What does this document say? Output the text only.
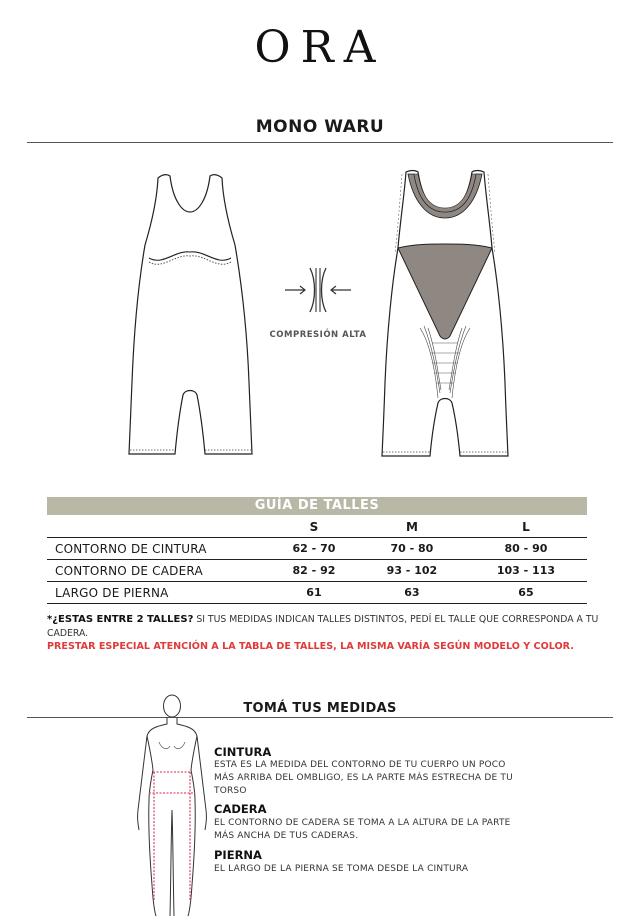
ORA
MONO WARU
COMPRESIÓN ALTA
GUÍA DE TALLES
	S	M	L
CONTORNO DE CINTURA	62 - 70	70 - 80	80 - 90
CONTORNO DE CADERA	82 - 92	93 - 102	103 - 113
LARGO DE PIERNA	61	63	65
*¿ESTAS ENTRE 2 TALLES? SI TUS MEDIDAS INDICAN TALLES DISTINTOS, PEDÍ EL TALLE QUE CORRESPONDA A TU CADERA.
PRESTAR ESPECIAL ATENCIÓN A LA TABLA DE TALLES, LA MISMA VARÍA SEGÚN MODELO Y COLOR.
TOMÁ TUS MEDIDAS
CINTURA
ESTA ES LA MEDIDA DEL CONTORNO DE TU CUERPO UN POCO MÁS ARRIBA DEL OMBLIGO, ES LA PARTE MÁS ESTRECHA DE TU TORSO
CADERA
EL CONTORNO DE CADERA SE TOMA A LA ALTURA DE LA PARTE MÁS ANCHA DE TUS CADERAS.
PIERNA
EL LARGO DE LA PIERNA SE TOMA DESDE LA CINTURA
